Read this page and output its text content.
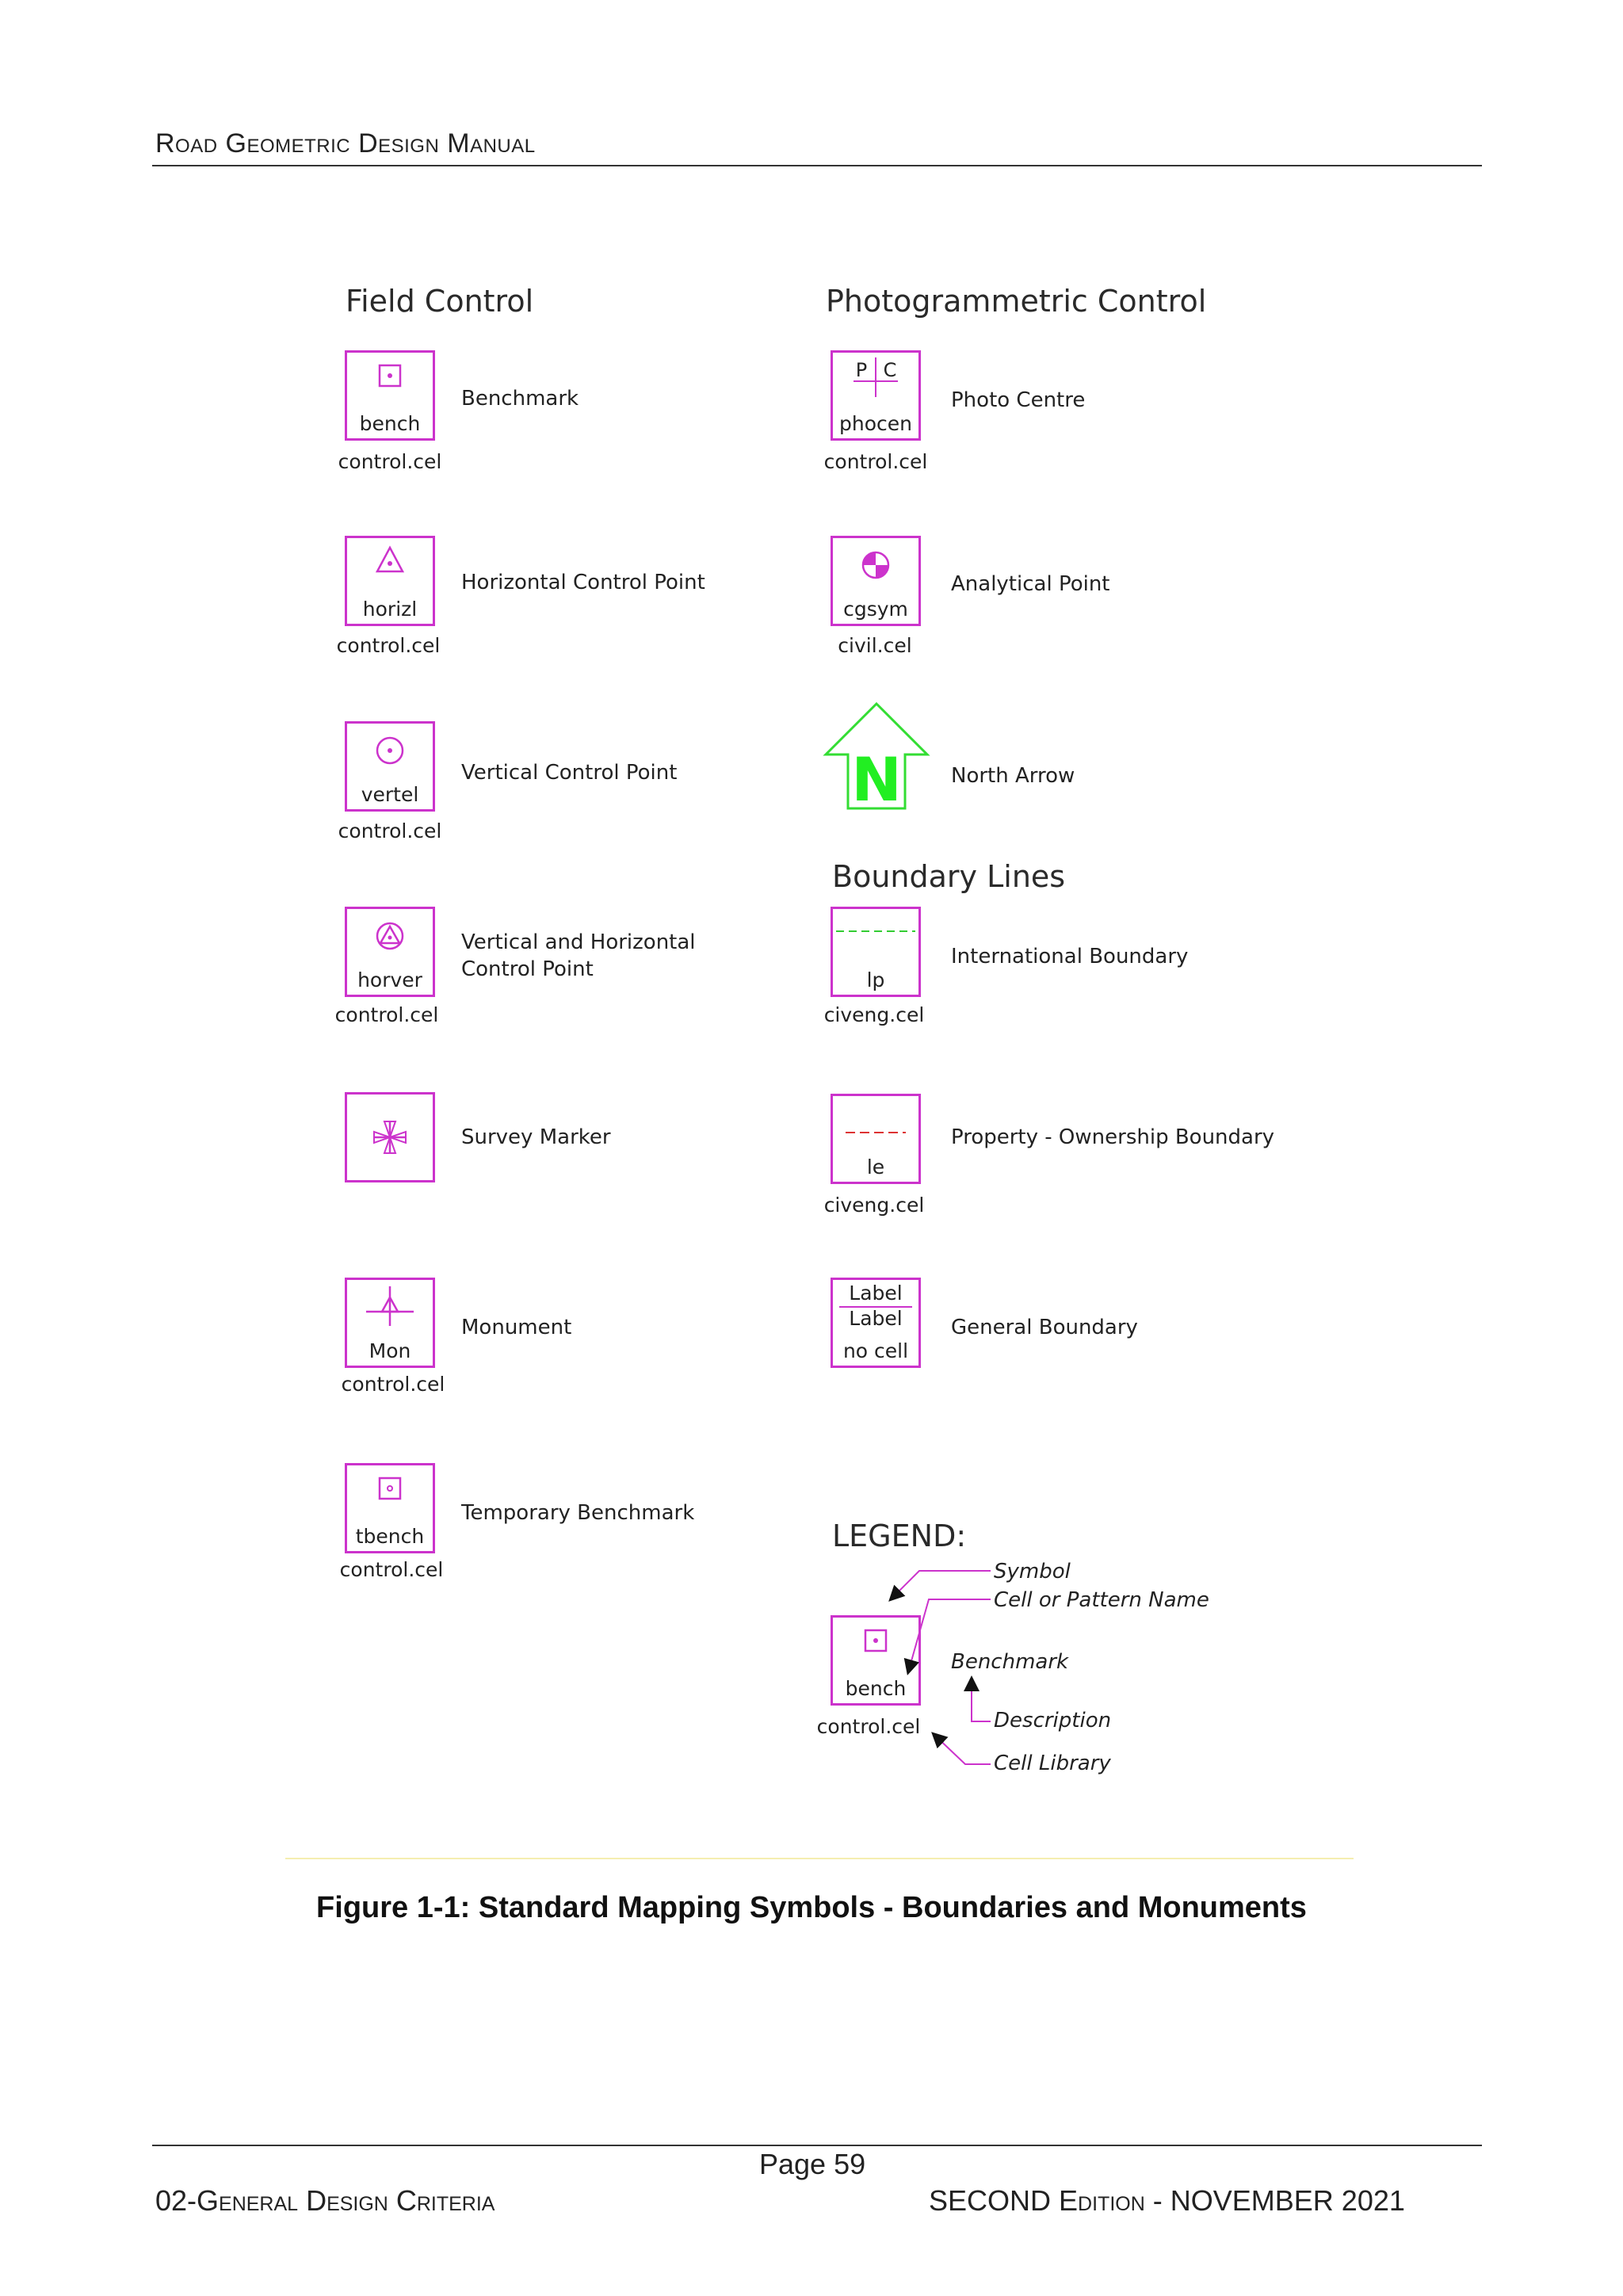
Road Geometric Design Manual
Field Control	Photogrammetric Control
Boundary Lines
LEGEND:
bench
control.cel
Benchmark
horizl
control.cel
Horizontal Control Point
vertel
control.cel
Vertical Control Point
horver
control.cel
Vertical and Horizontal Control Point
Survey Marker
Mon
control.cel
Monument
tbench
control.cel
Temporary Benchmark
P C
phocen
control.cel
Photo Centre
cgsym
civil.cel
Analytical Point
N North Arrow
lp
civeng.cel
International Boundary
le
civeng.cel
Property - Ownership Boundary
Label
Label
no cell
General Boundary
bench
control.cel
Benchmark
Symbol
Cell or Pattern Name
Description
Cell Library
Figure 1-1: Standard Mapping Symbols - Boundaries and Monuments
Page 59
02-General Design Criteria	SECOND Edition - NOVEMBER 2021
